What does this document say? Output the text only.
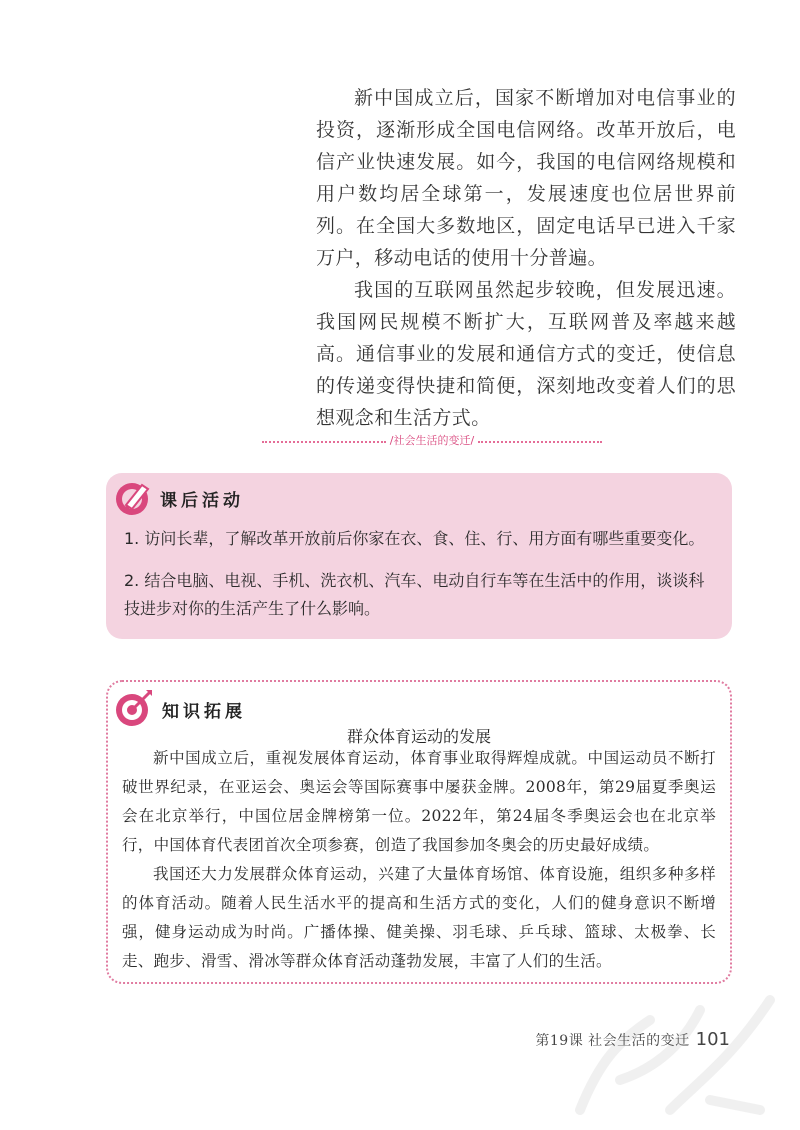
新中国成立后，国家不断增加对电信事业的投资，逐渐形成全国电信网络。改革开放后，电信产业快速发展。如今，我国的电信网络规模和用户数均居全球第一，发展速度也位居世界前列。在全国大多数地区，固定电话早已进入千家万户，移动电话的使用十分普遍。

我国的互联网虽然起步较晚，但发展迅速。我国网民规模不断扩大，互联网普及率越来越高。通信事业的发展和通信方式的变迁，使信息的传递变得快捷和简便，深刻地改变着人们的思想观念和生活方式。

/社会生活的变迁/
课后活动

1. 访问长辈，了解改革开放前后你家在衣、食、住、行、用方面有哪些重要变化。

2. 结合电脑、电视、手机、洗衣机、汽车、电动自行车等在生活中的作用，谈谈科技进步对你的生活产生了什么影响。

知识拓展
群众体育运动的发展

新中国成立后，重视发展体育运动，体育事业取得辉煌成就。中国运动员不断打破世界纪录，在亚运会、奥运会等国际赛事中屡获金牌。2008年，第29届夏季奥运会在北京举行，中国位居金牌榜第一位。2022年，第24届冬季奥运会也在北京举行，中国体育代表团首次全项参赛，创造了我国参加冬奥会的历史最好成绩。

我国还大力发展群众体育运动，兴建了大量体育场馆、体育设施，组织多种多样的体育活动。随着人民生活水平的提高和生活方式的变化，人们的健身意识不断增强，健身运动成为时尚。广播体操、健美操、羽毛球、乒乓球、篮球、太极拳、长走、跑步、滑雪、滑冰等群众体育活动蓬勃发展，丰富了人们的生活。

第19课 社会生活的变迁 101
